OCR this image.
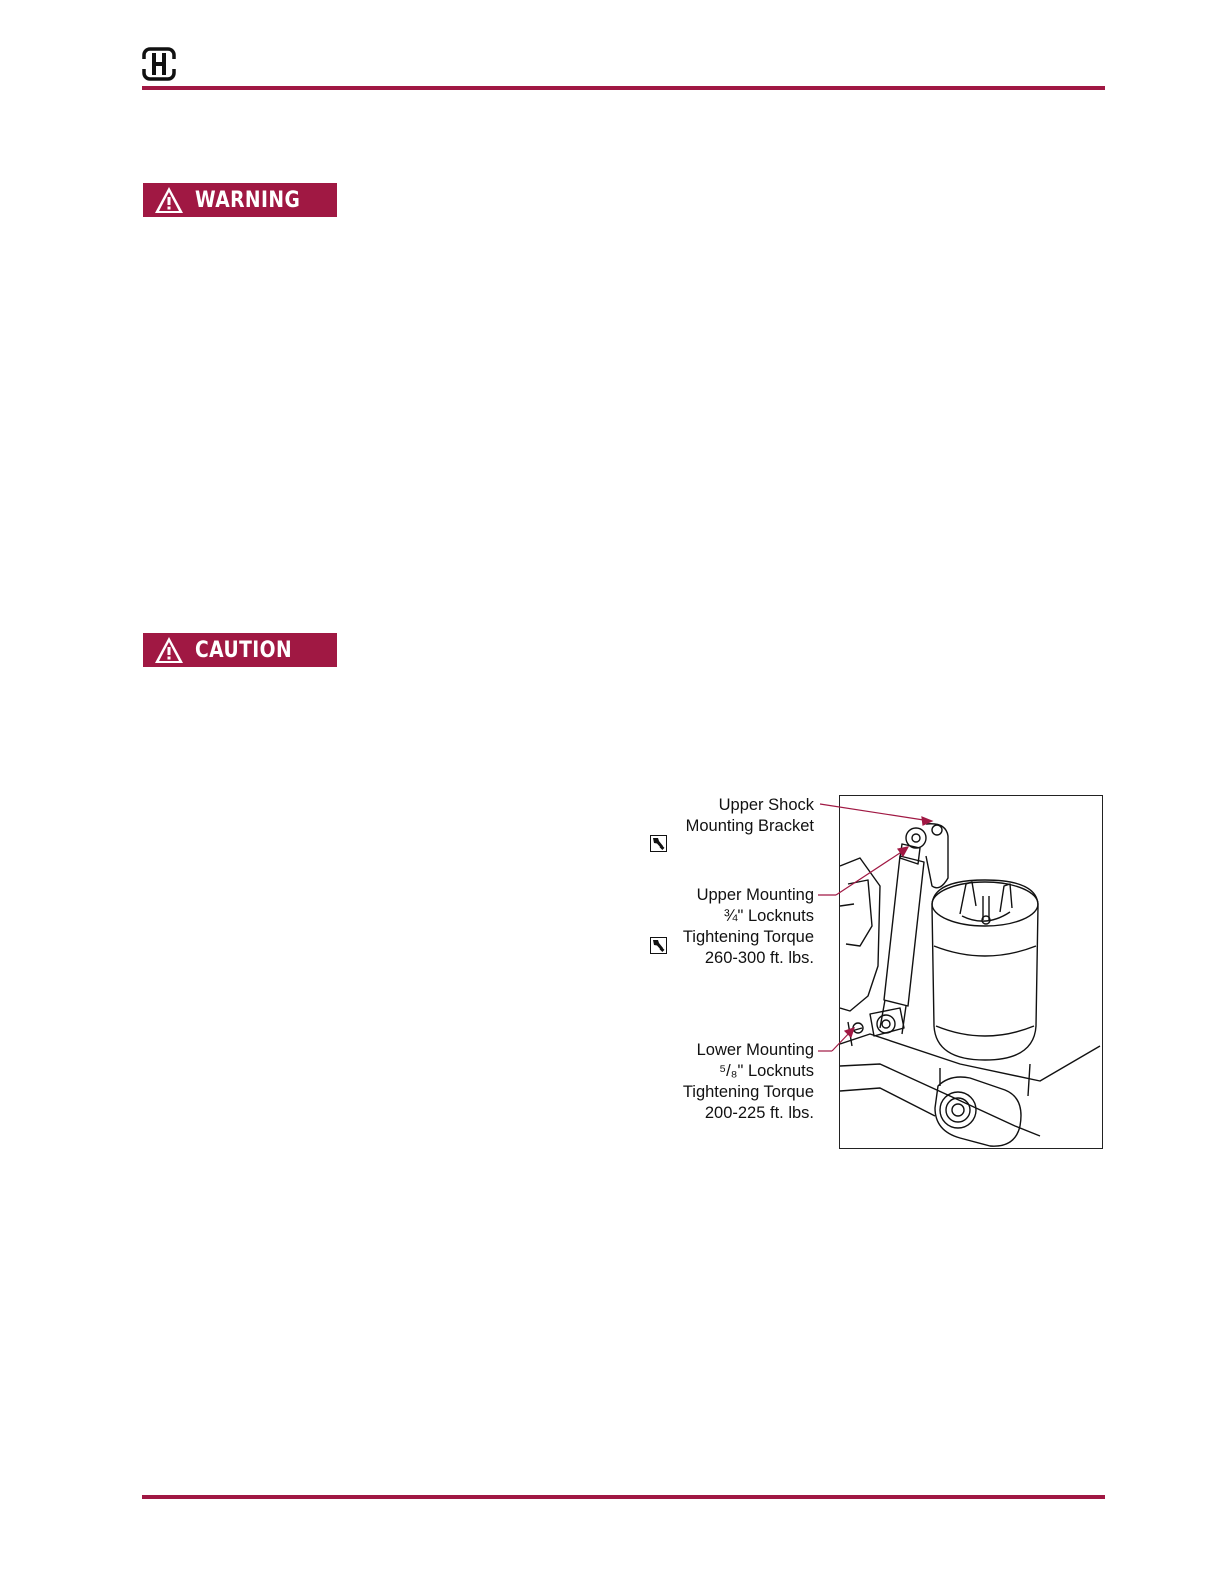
WARNING
CAUTION
Upper Shock
Mounting Bracket
Upper Mounting
¾" Locknuts
Tightening Torque
260-300 ft. lbs.
Lower Mounting
⁵/₈" Locknuts
Tightening Torque
200-225 ft. lbs.
